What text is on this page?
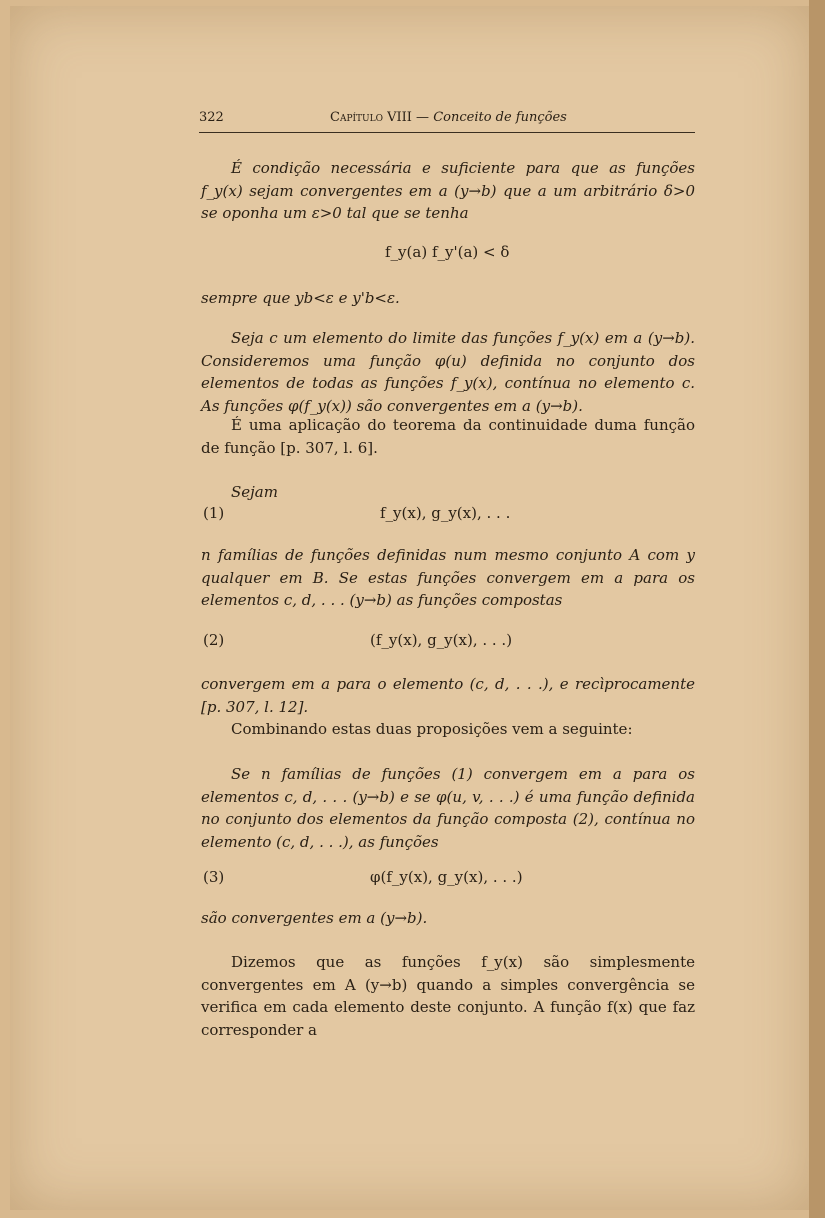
322	Capítulo VIII — Conceito de funções
É condição necessária e suficiente para que as funções f_y(x) sejam convergentes em a (y→b) que a um arbitrário δ>0 se oponha um ε>0 tal que se tenha
f_y(a) f_y'(a) < δ
sempre que yb<ε e y'b<ε.
Seja c um elemento do limite das funções f_y(x) em a (y→b). Consideremos uma função φ(u) definida no conjunto dos elementos de todas as funções f_y(x), contínua no elemento c. As funções φ(f_y(x)) são convergentes em a (y→b).
É uma aplicação do teorema da continuidade duma função de função [p. 307, l. 6].
Sejam
(1)	f_y(x), g_y(x), . . .
n famílias de funções definidas num mesmo conjunto A com y qualquer em B. Se estas funções convergem em a para os elementos c, d, . . . (y→b) as funções compostas
(2)	(f_y(x), g_y(x), . . .)
convergem em a para o elemento (c, d, . . .), e recìprocamente [p. 307, l. 12].
Combinando estas duas proposições vem a seguinte:
Se n famílias de funções (1) convergem em a para os elementos c, d, . . . (y→b) e se φ(u, v, . . .) é uma função definida no conjunto dos elementos da função composta (2), contínua no elemento (c, d, . . .), as funções
(3)	φ(f_y(x), g_y(x), . . .)
são convergentes em a (y→b).
Dizemos que as funções f_y(x) são simplesmente convergentes em A (y→b) quando a simples convergência se verifica em cada elemento deste conjunto. A função f(x) que faz corresponder a
